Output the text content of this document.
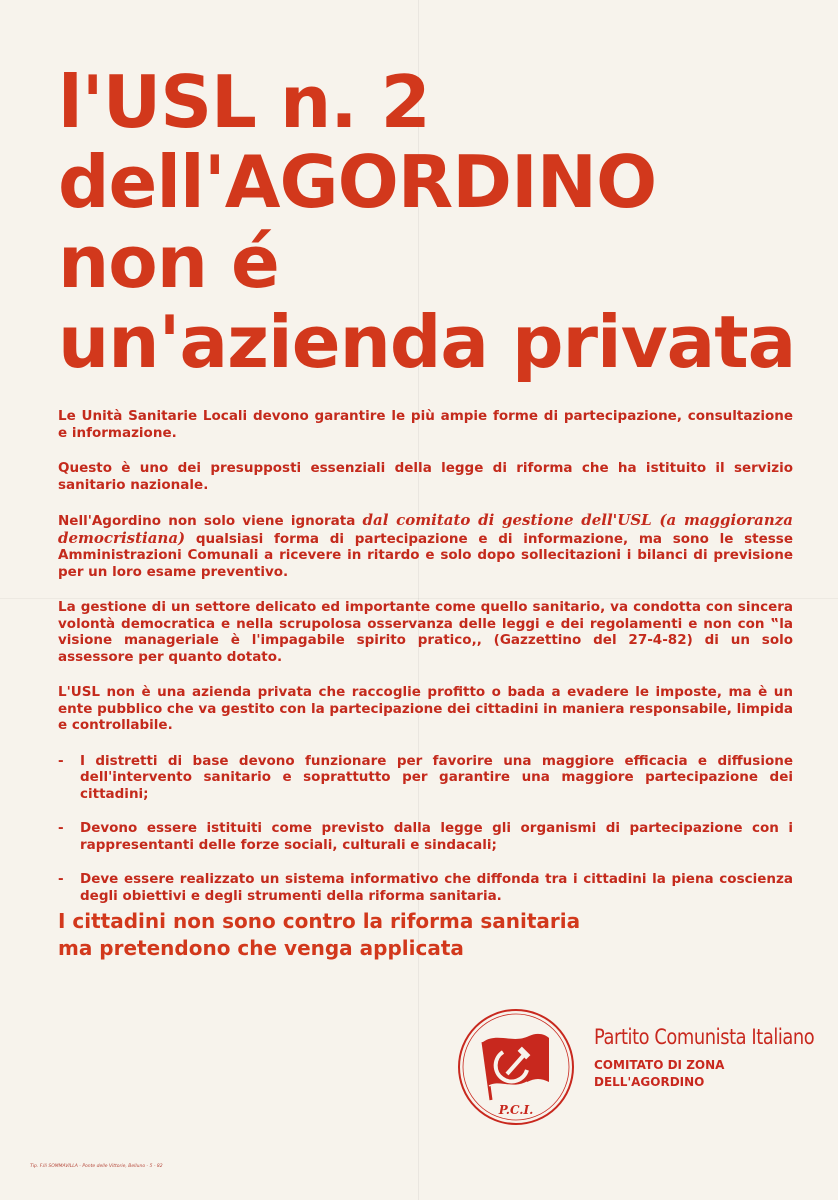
l'USL n. 2
dell'AGORDINO
non é
un'azienda privata

Le Unità Sanitarie Locali devono garantire le più ampie forme di partecipazione, consultazione e informazione.

Questo è uno dei presupposti essenziali della legge di riforma che ha istituito il servizio sanitario nazionale.

Nell'Agordino non solo viene ignorata dal comitato di gestione dell'USL (a maggioranza democristiana) qualsiasi forma di partecipazione e di informazione, ma sono le stesse Amministrazioni Comunali a ricevere in ritardo e solo dopo sollecitazioni i bilanci di previsione per un loro esame preventivo.

La gestione di un settore delicato ed importante come quello sanitario, va condotta con sincera volontà democratica e nella scrupolosa osservanza delle leggi e dei regolamenti e non con ‟la visione manageriale è l'impagabile spirito pratico,, (Gazzettino del 27-4-82) di un solo assessore per quanto dotato.

L'USL non è una azienda privata che raccoglie profitto o bada a evadere le imposte, ma è un ente pubblico che va gestito con la partecipazione dei cittadini in maniera responsabile, limpida e controllabile.

-	I distretti di base devono funzionare per favorire una maggiore efficacia e diffusione dell'intervento sanitario e soprattutto per garantire una maggiore partecipazione dei cittadini;
-	Devono essere istituiti come previsto dalla legge gli organismi di partecipazione con i rappresentanti delle forze sociali, culturali e sindacali;
-	Deve essere realizzato un sistema informativo che diffonda tra i cittadini la piena coscienza degli obiettivi e degli strumenti della riforma sanitaria.
I cittadini non sono contro la riforma sanitaria
ma pretendono che venga applicata
P.C.I.
Partito Comunista Italiano
COMITATO DI ZONA
DELL'AGORDINO
Tip. F.lli SOMMAVILLA - Ponte delle Vittorie, Belluno - 5 - 82
